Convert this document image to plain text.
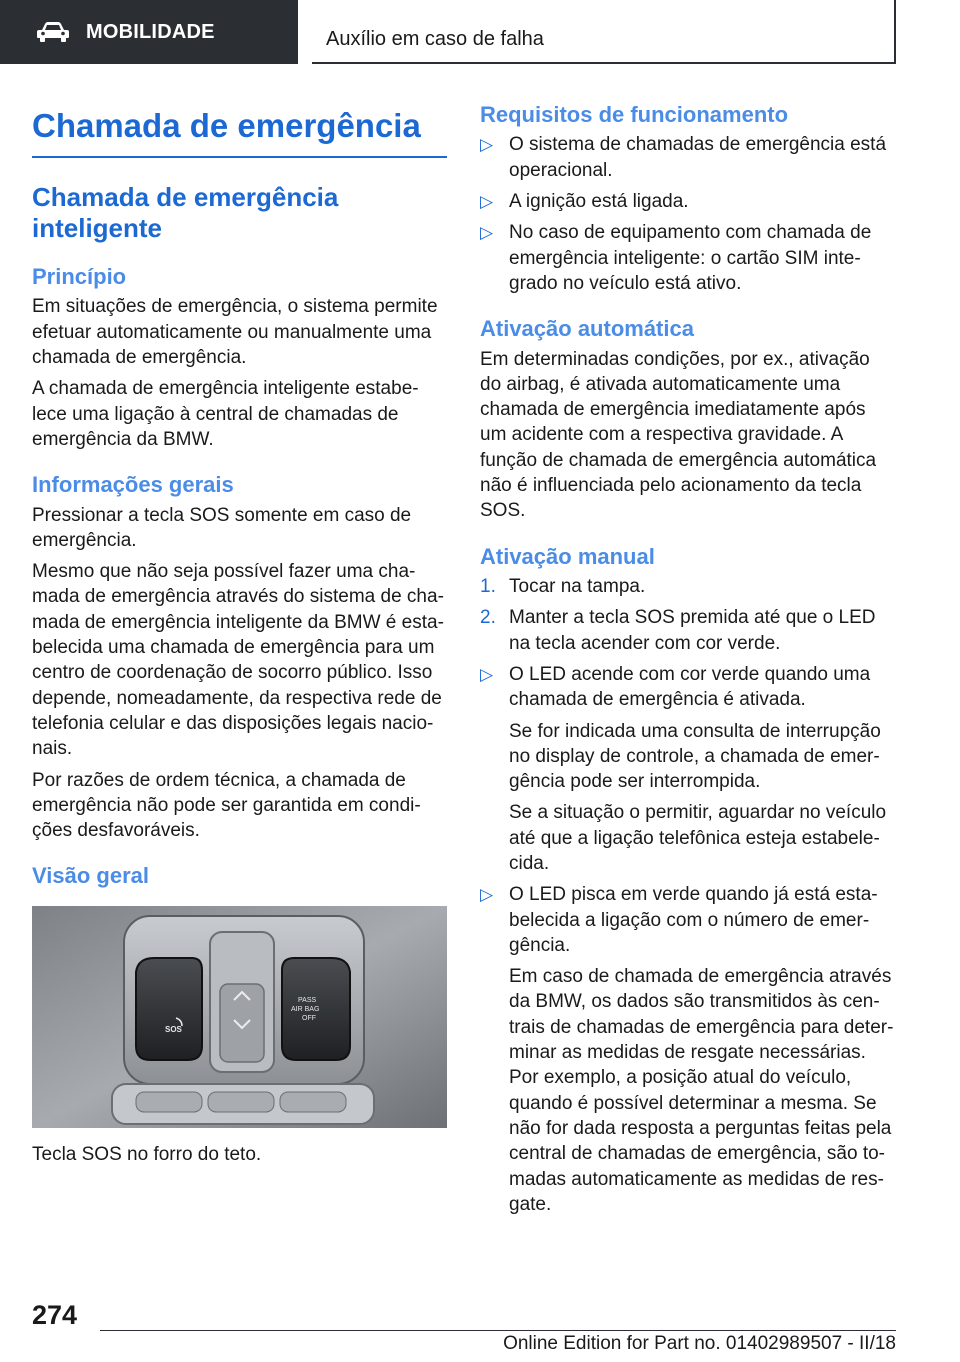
MOBILIDADE	Auxílio em caso de falha
Chamada de emergência
Chamada de emergência inteligente
Princípio

Em situações de emergência, o sistema permite efetuar automaticamente ou manualmente uma chamada de emergência.

A chamada de emergência inteligente estabelece uma ligação à central de chamadas de emergência da BMW.

Informações gerais

Pressionar a tecla SOS somente em caso de emergência.

Mesmo que não seja possível fazer uma chamada de emergência através do sistema de chamada de emergência inteligente da BMW é estabelecida uma chamada de emergência para um centro de coordenação de socorro público. Isso depende, nomeadamente, da respectiva rede de telefonia celular e das disposições legais nacionais.

Por razões de ordem técnica, a chamada de emergência não pode ser garantida em condições desfavoráveis.

Visão geral
SOS
PASS
AIR BAG
OFF

Tecla SOS no forro do teto.

Requisitos de funcionamento
▷ O sistema de chamadas de emergência está operacional.
▷ A ignição está ligada.
▷ No caso de equipamento com chamada de emergência inteligente: o cartão SIM integrado no veículo está ativo.
Ativação automática

Em determinadas condições, por ex., ativação do airbag, é ativada automaticamente uma chamada de emergência imediatamente após um acidente com a respectiva gravidade. A função de chamada de emergência automática não é influenciada pelo acionamento da tecla SOS.

Ativação manual
1. Tocar na tampa.
2. Manter a tecla SOS premida até que o LED na tecla acender com cor verde.
▷ O LED acende com cor verde quando uma chamada de emergência é ativada.

Se for indicada uma consulta de interrupção no display de controle, a chamada de emergência pode ser interrompida.

Se a situação o permitir, aguardar no veículo até que a ligação telefônica esteja estabelecida.

▷ O LED pisca em verde quando já está estabelecida a ligação com o número de emergência.

Em caso de chamada de emergência através da BMW, os dados são transmitidos às centrais de chamadas de emergência para determinar as medidas de resgate necessárias. Por exemplo, a posição atual do veículo, quando é possível determinar a mesma. Se não for dada resposta a perguntas feitas pela central de chamadas de emergência, são tomadas automaticamente as medidas de resgate.

274
Online Edition for Part no. 01402989507 - II/18
